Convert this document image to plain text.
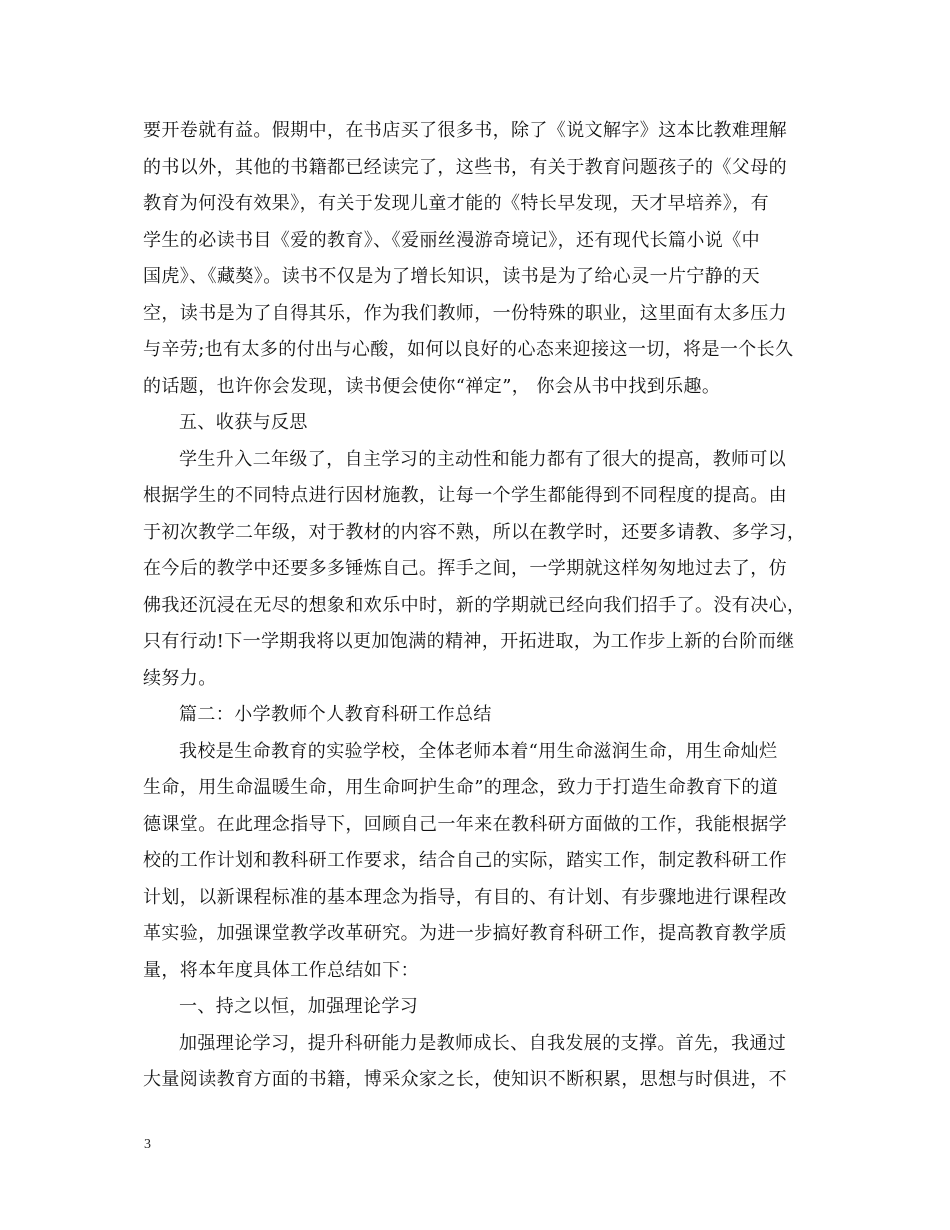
要开卷就有益。假期中，在书店买了很多书，除了《说文解字》这本比教难理解
的书以外，其他的书籍都已经读完了，这些书，有关于教育问题孩子的《父母的
教育为何没有效果》，有关于发现儿童才能的《特长早发现，天才早培养》，有
学生的必读书目《爱的教育》、《爱丽丝漫游奇境记》，还有现代长篇小说《中
国虎》、《藏獒》。读书不仅是为了增长知识，读书是为了给心灵一片宁静的天
空，读书是为了自得其乐，作为我们教师，一份特殊的职业，这里面有太多压力
与辛劳;也有太多的付出与心酸，如何以良好的心态来迎接这一切，将是一个长久
的话题，也许你会发现，读书便会使你“禅定”， 你会从书中找到乐趣。
五、收获与反思
学生升入二年级了，自主学习的主动性和能力都有了很大的提高，教师可以
根据学生的不同特点进行因材施教，让每一个学生都能得到不同程度的提高。由
于初次教学二年级，对于教材的内容不熟，所以在教学时，还要多请教、多学习，
在今后的教学中还要多多锤炼自己。挥手之间，一学期就这样匆匆地过去了，仿
佛我还沉浸在无尽的想象和欢乐中时，新的学期就已经向我们招手了。没有决心，
只有行动!下一学期我将以更加饱满的精神，开拓进取，为工作步上新的台阶而继
续努力。
篇二：小学教师个人教育科研工作总结
我校是生命教育的实验学校，全体老师本着“用生命滋润生命，用生命灿烂
生命，用生命温暖生命，用生命呵护生命”的理念，致力于打造生命教育下的道
德课堂。在此理念指导下，回顾自己一年来在教科研方面做的工作，我能根据学
校的工作计划和教科研工作要求，结合自己的实际，踏实工作，制定教科研工作
计划，以新课程标准的基本理念为指导，有目的、有计划、有步骤地进行课程改
革实验，加强课堂教学改革研究。为进一步搞好教育科研工作，提高教育教学质
量，将本年度具体工作总结如下：
一、持之以恒，加强理论学习
加强理论学习，提升科研能力是教师成长、自我发展的支撑。首先，我通过
大量阅读教育方面的书籍，博采众家之长，使知识不断积累，思想与时俱进，不
3
